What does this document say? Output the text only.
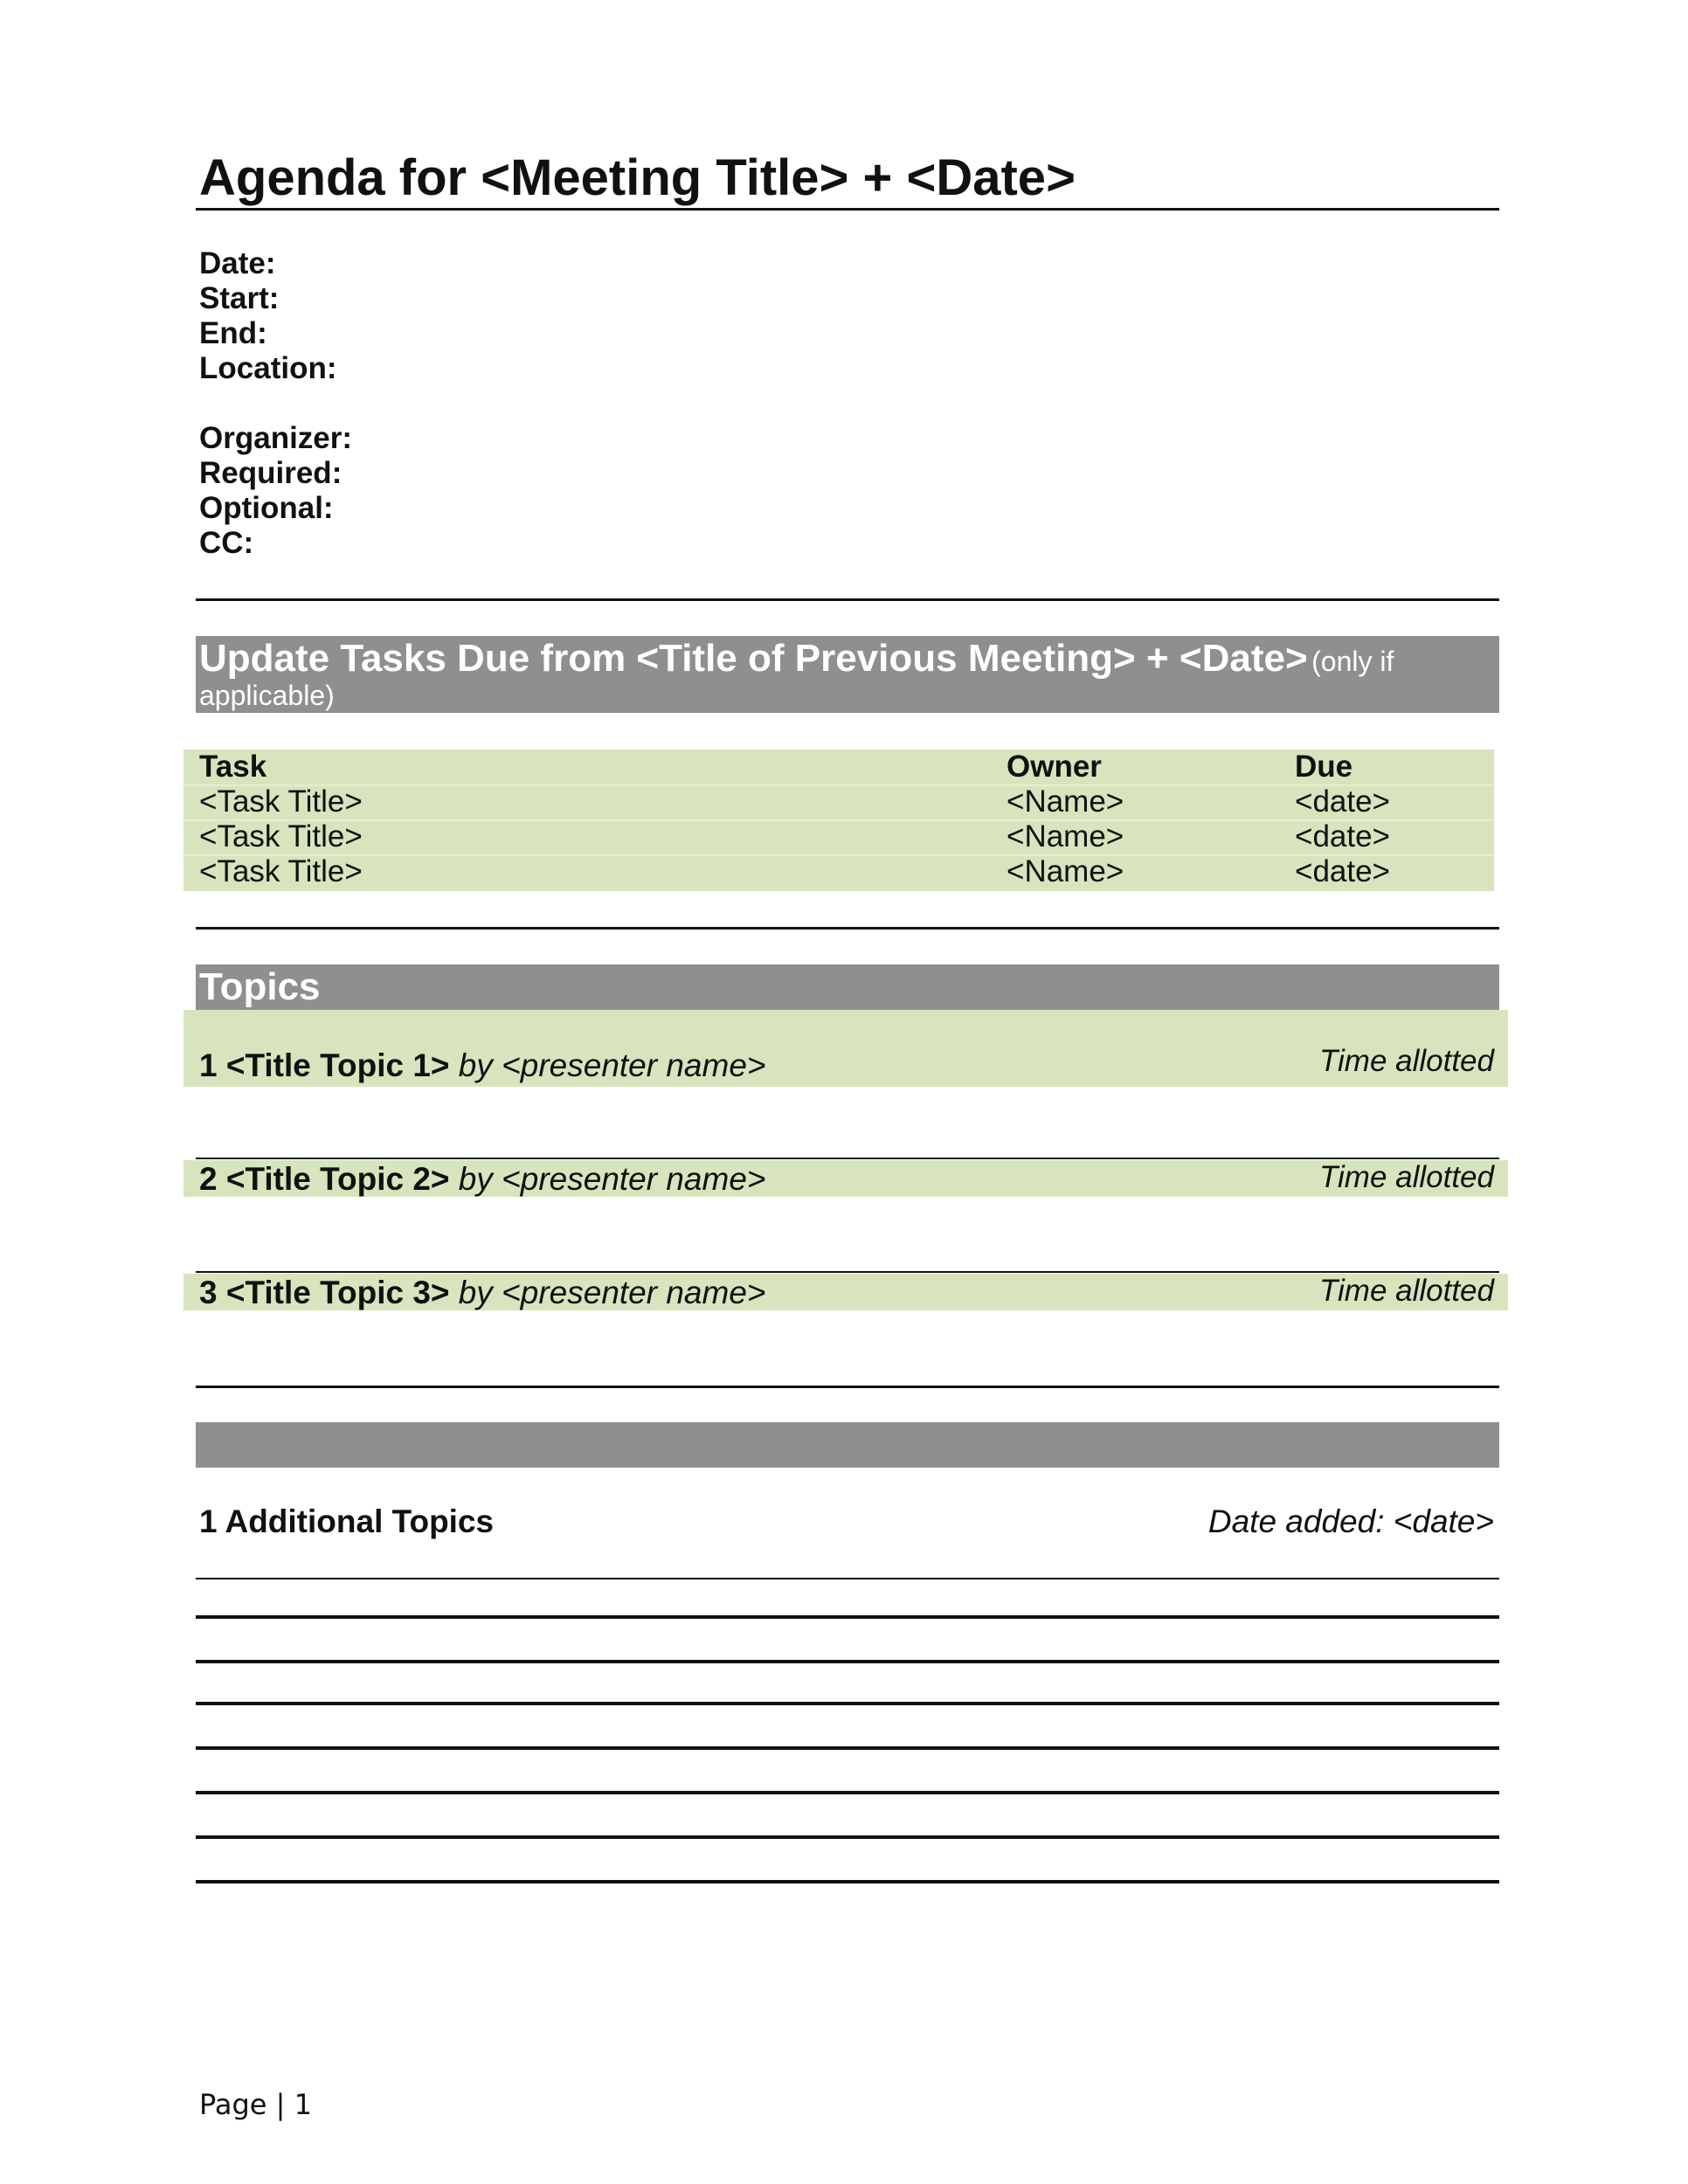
Agenda for <Meeting Title> + <Date>
Date:
Start:
End:
Location:
Organizer:
Required:
Optional:
CC:
Update Tasks Due from <Title of Previous Meeting> + <Date> (only if
applicable)
Task	Owner	Due
<Task Title>	<Name>	<date>
<Task Title>	<Name>	<date>
<Task Title>	<Name>	<date>
Topics
1 <Title Topic 1> by <presenter name>	Time allotted
2 <Title Topic 2> by <presenter name>	Time allotted
3 <Title Topic 3> by <presenter name>	Time allotted
1 Additional Topics	Date added: <date>
Page | 1
